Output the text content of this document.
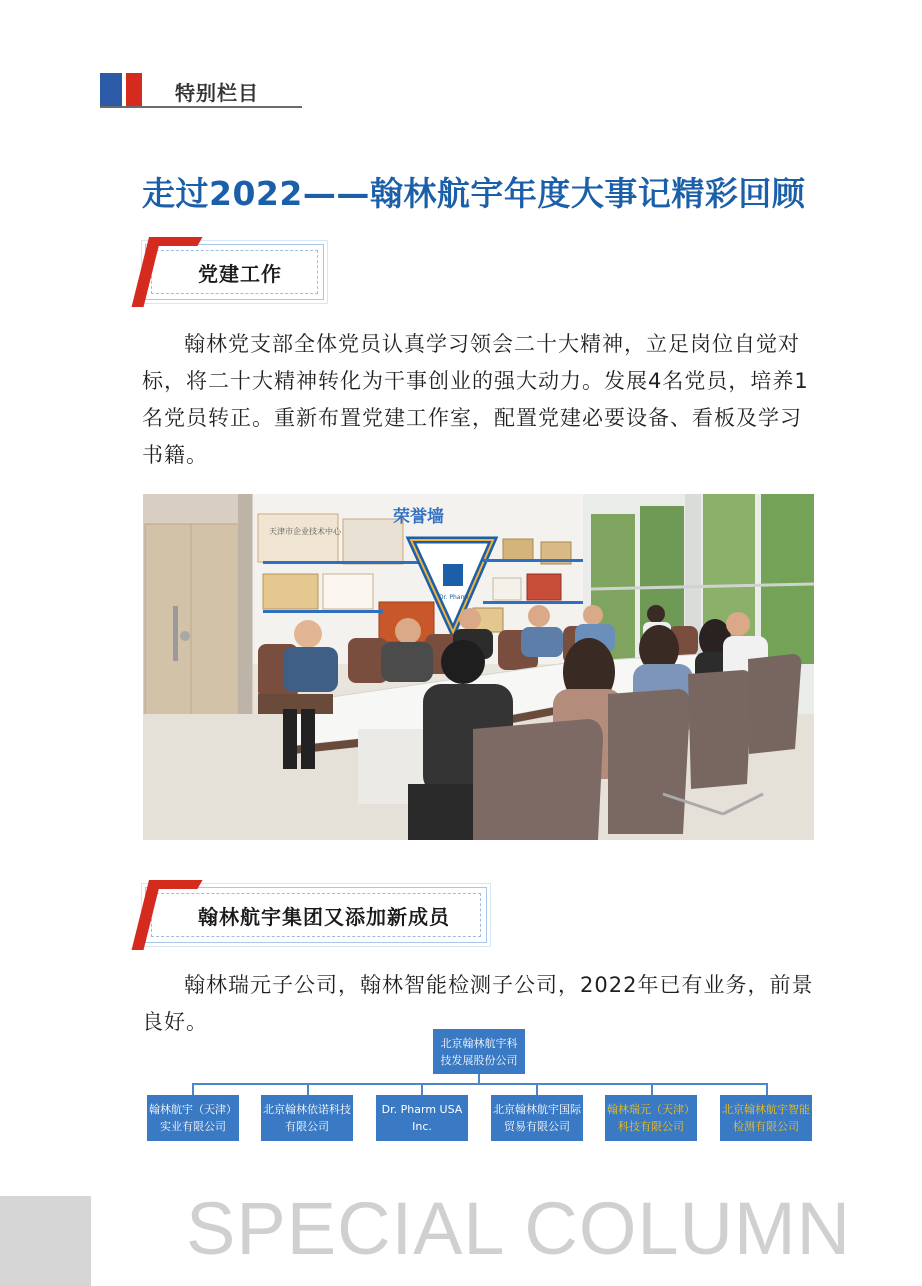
特别栏目
走过2022——翰林航宇年度大事记精彩回顾
党建工作
翰林党支部全体党员认真学习领会二十大精神，立足岗位自觉对标，将二十大精神转化为干事创业的强大动力。发展4名党员，培养1名党员转正。重新布置党建工作室，配置党建必要设备、看板及学习书籍。
荣誉墙
天津市企业技术中心
Dr. Pharm
翰林航宇集团又添加新成员
翰林瑞元子公司，翰林智能检测子公司，2022年已有业务，前景良好。
北京翰林航宇科技发展股份公司
翰林航宇（天津）实业有限公司
北京翰林依诺科技有限公司
Dr. Pharm USA Inc.
北京翰林航宇国际贸易有限公司
翰林瑞元（天津）科技有限公司
北京翰林航宇智能检测有限公司
SPECIAL COLUMN
